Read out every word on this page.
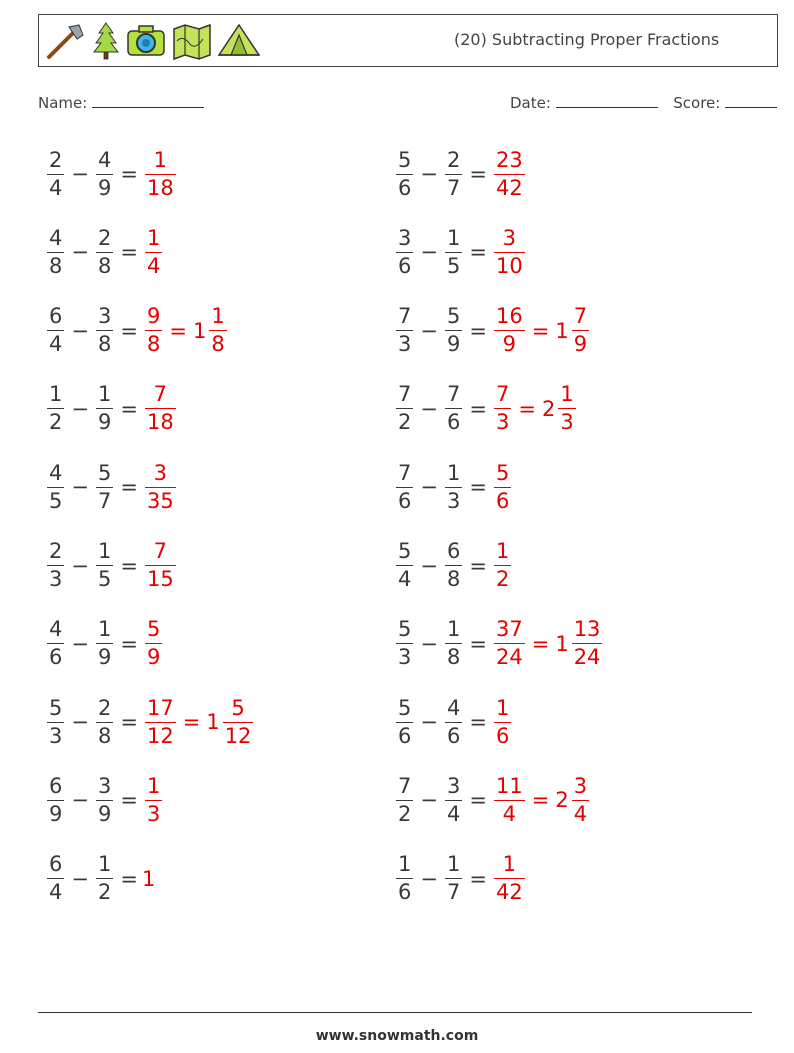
(20) Subtracting Proper Fractions
Name:	Date:	Score:
$\frac{2}{4} - \frac{4}{9} = \frac{1}{18}$	$\frac{5}{6} - \frac{2}{7} = \frac{23}{42}$
$\frac{4}{8} - \frac{2}{8} = \frac{1}{4}$	$\frac{3}{6} - \frac{1}{5} = \frac{3}{10}$
$\frac{6}{4} - \frac{3}{8} = \frac{9}{8} = 1 \frac{1}{8}$	$\frac{7}{3} - \frac{5}{9} = \frac{16}{9} = 1 \frac{7}{9}$
$\frac{1}{2} - \frac{1}{9} = \frac{7}{18}$	$\frac{7}{2} - \frac{7}{6} = \frac{7}{3} = 2 \frac{1}{3}$
$\frac{4}{5} - \frac{5}{7} = \frac{3}{35}$	$\frac{7}{6} - \frac{1}{3} = \frac{5}{6}$
$\frac{2}{3} - \frac{1}{5} = \frac{7}{15}$	$\frac{5}{4} - \frac{6}{8} = \frac{1}{2}$
$\frac{4}{6} - \frac{1}{9} = \frac{5}{9}$	$\frac{5}{3} - \frac{1}{8} = \frac{37}{24} = 1 \frac{13}{24}$
$\frac{5}{3} - \frac{2}{8} = \frac{17}{12} = 1 \frac{5}{12}$	$\frac{5}{6} - \frac{4}{6} = \frac{1}{6}$
$\frac{6}{9} - \frac{3}{9} = \frac{1}{3}$	$\frac{7}{2} - \frac{3}{4} = \frac{11}{4} = 2 \frac{3}{4}$
$\frac{6}{4} - \frac{1}{2} = 1$	$\frac{1}{6} - \frac{1}{7} = \frac{1}{42}$
www.snowmath.com
